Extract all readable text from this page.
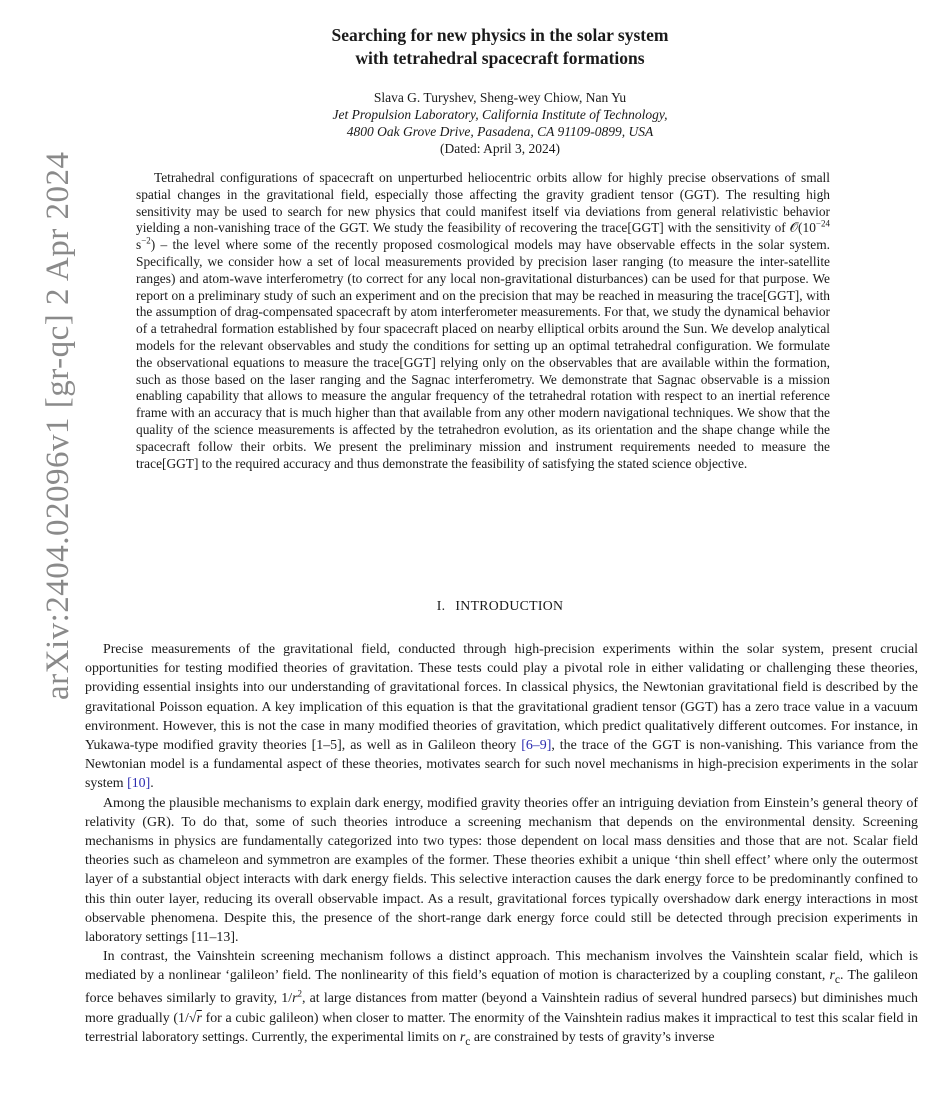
arXiv:2404.02096v1 [gr-qc] 2 Apr 2024
Searching for new physics in the solar system
with tetrahedral spacecraft formations
Slava G. Turyshev, Sheng-wey Chiow, Nan Yu
Jet Propulsion Laboratory, California Institute of Technology,
4800 Oak Grove Drive, Pasadena, CA 91109-0899, USA
(Dated: April 3, 2024)
Tetrahedral configurations of spacecraft on unperturbed heliocentric orbits allow for highly precise observations of small spatial changes in the gravitational field, especially those affecting the gravity gradient tensor (GGT). The resulting high sensitivity may be used to search for new physics that could manifest itself via deviations from general relativistic behavior yielding a non-vanishing trace of the GGT. We study the feasibility of recovering the trace[GGT] with the sensitivity of $𝒪(10^{-24}$ $s^{-2}$) – the level where some of the recently proposed cosmological models may have observable effects in the solar system. Specifically, we consider how a set of local measurements provided by precision laser ranging (to measure the inter-satellite ranges) and atom-wave interferometry (to correct for any local non-gravitational disturbances) can be used for that purpose. We report on a preliminary study of such an experiment and on the precision that may be reached in measuring the trace[GGT], with the assumption of drag-compensated spacecraft by atom interferometer measurements. For that, we study the dynamical behavior of a tetrahedral formation established by four spacecraft placed on nearby elliptical orbits around the Sun. We develop analytical models for the relevant observables and study the conditions for setting up an optimal tetrahedral configuration. We formulate the observational equations to measure the trace[GGT] relying only on the observables that are available within the formation, such as those based on the laser ranging and the Sagnac interferometry. We demonstrate that Sagnac observable is a mission enabling capability that allows to measure the angular frequency of the tetrahedral rotation with respect to an inertial reference frame with an accuracy that is much higher than that available from any other modern navigational techniques. We show that the quality of the science measurements is affected by the tetrahedron evolution, as its orientation and the shape change while the spacecraft follow their orbits. We present the preliminary mission and instrument requirements needed to measure the trace[GGT] to the required accuracy and thus demonstrate the feasibility of satisfying the stated science objective.
I. INTRODUCTION

Precise measurements of the gravitational field, conducted through high-precision experiments within the solar system, present crucial opportunities for testing modified theories of gravitation. These tests could play a pivotal role in either validating or challenging these theories, providing essential insights into our understanding of gravitational forces. In classical physics, the Newtonian gravitational field is described by the gravitational Poisson equation. A key implication of this equation is that the gravitational gradient tensor (GGT) has a zero trace value in a vacuum environment. However, this is not the case in many modified theories of gravitation, which predict qualitatively different outcomes. For instance, in Yukawa-type modified gravity theories [1–5], as well as in Galileon theory [6–9], the trace of the GGT is non-vanishing. This variance from the Newtonian model is a fundamental aspect of these theories, motivates search for such novel mechanisms in high-precision experiments in the solar system [10].

Among the plausible mechanisms to explain dark energy, modified gravity theories offer an intriguing deviation from Einstein’s general theory of relativity (GR). To do that, some of such theories introduce a screening mechanism that depends on the environmental density. Screening mechanisms in physics are fundamentally categorized into two types: those dependent on local mass densities and those that are not. Scalar field theories such as chameleon and symmetron are examples of the former. These theories exhibit a unique ‘thin shell effect’ where only the outermost layer of a substantial object interacts with dark energy fields. This selective interaction causes the dark energy force to be predominantly confined to this thin outer layer, reducing its overall observable impact. As a result, gravitational forces typically overshadow dark energy interactions in most observable phenomena. Despite this, the presence of the short-range dark energy force could still be detected through precision experiments in laboratory settings [11–13].

In contrast, the Vainshtein screening mechanism follows a distinct approach. This mechanism involves the Vainshtein scalar field, which is mediated by a nonlinear ‘galileon’ field. The nonlinearity of this field’s equation of motion is characterized by a coupling constant, $r_c$. The galileon force behaves similarly to gravity, $1/r^2$, at large distances from matter (beyond a Vainshtein radius of several hundred parsecs) but diminishes much more gradually (1/√r for a cubic galileon) when closer to matter. The enormity of the Vainshtein radius makes it impractical to test this scalar field in terrestrial laboratory settings. Currently, the experimental limits on $r_c$ are constrained by tests of gravity’s inverse
